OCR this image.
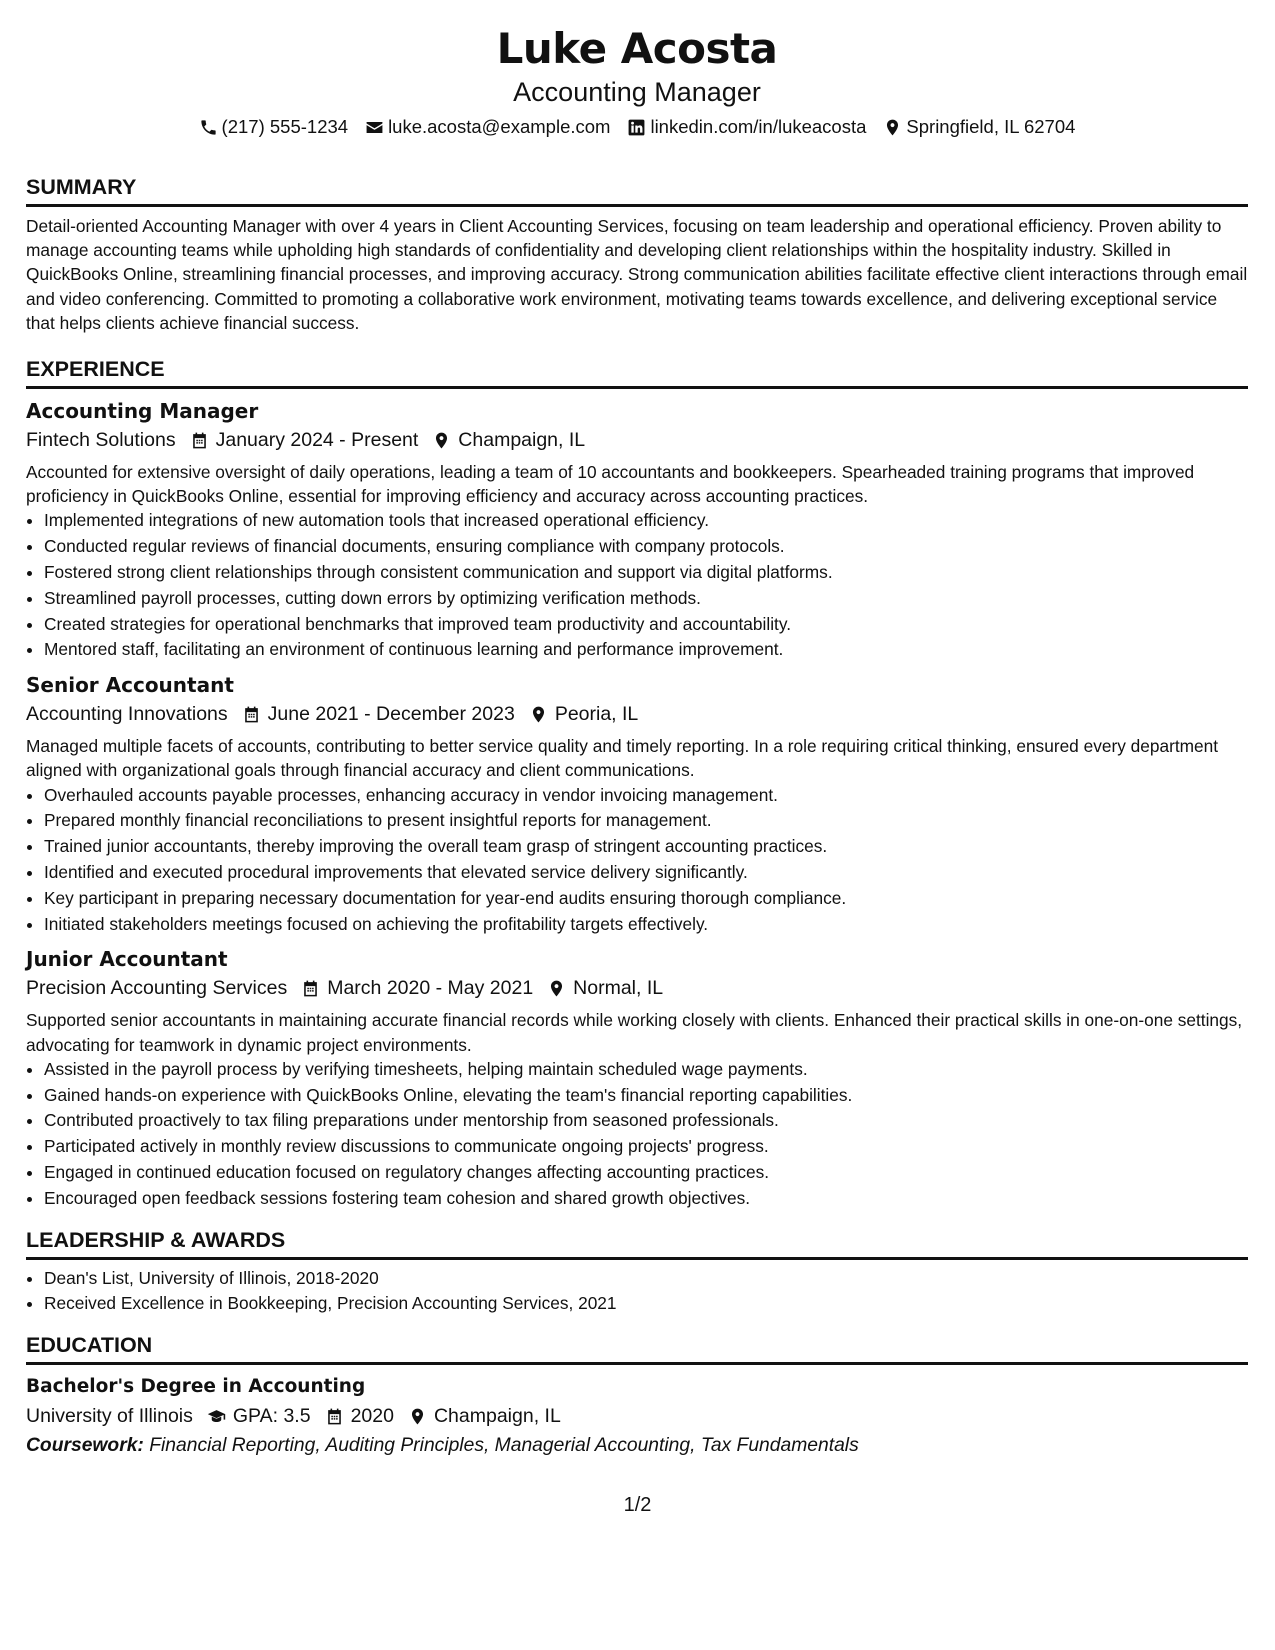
Luke Acosta
Accounting Manager
(217) 555-1234 luke.acosta@example.com linkedin.com/in/lukeacosta Springfield, IL 62704
SUMMARY
Detail-oriented Accounting Manager with over 4 years in Client Accounting Services, focusing on team leadership and operational efficiency. Proven ability to manage accounting teams while upholding high standards of confidentiality and developing client relationships within the hospitality industry. Skilled in QuickBooks Online, streamlining financial processes, and improving accuracy. Strong communication abilities facilitate effective client interactions through email and video conferencing. Committed to promoting a collaborative work environment, motivating teams towards excellence, and delivering exceptional service that helps clients achieve financial success.
EXPERIENCE
Accounting Manager
Fintech Solutions January 2024 - Present Champaign, IL
Accounted for extensive oversight of daily operations, leading a team of 10 accountants and bookkeepers. Spearheaded training programs that improved proficiency in QuickBooks Online, essential for improving efficiency and accuracy across accounting practices.
• Implemented integrations of new automation tools that increased operational efficiency.
• Conducted regular reviews of financial documents, ensuring compliance with company protocols.
• Fostered strong client relationships through consistent communication and support via digital platforms.
• Streamlined payroll processes, cutting down errors by optimizing verification methods.
• Created strategies for operational benchmarks that improved team productivity and accountability.
• Mentored staff, facilitating an environment of continuous learning and performance improvement.
Senior Accountant
Accounting Innovations June 2021 - December 2023 Peoria, IL
Managed multiple facets of accounts, contributing to better service quality and timely reporting. In a role requiring critical thinking, ensured every department aligned with organizational goals through financial accuracy and client communications.
• Overhauled accounts payable processes, enhancing accuracy in vendor invoicing management.
• Prepared monthly financial reconciliations to present insightful reports for management.
• Trained junior accountants, thereby improving the overall team grasp of stringent accounting practices.
• Identified and executed procedural improvements that elevated service delivery significantly.
• Key participant in preparing necessary documentation for year-end audits ensuring thorough compliance.
• Initiated stakeholders meetings focused on achieving the profitability targets effectively.
Junior Accountant
Precision Accounting Services March 2020 - May 2021 Normal, IL
Supported senior accountants in maintaining accurate financial records while working closely with clients. Enhanced their practical skills in one-on-one settings, advocating for teamwork in dynamic project environments.
• Assisted in the payroll process by verifying timesheets, helping maintain scheduled wage payments.
• Gained hands-on experience with QuickBooks Online, elevating the team's financial reporting capabilities.
• Contributed proactively to tax filing preparations under mentorship from seasoned professionals.
• Participated actively in monthly review discussions to communicate ongoing projects' progress.
• Engaged in continued education focused on regulatory changes affecting accounting practices.
• Encouraged open feedback sessions fostering team cohesion and shared growth objectives.
LEADERSHIP & AWARDS
• Dean's List, University of Illinois, 2018-2020
• Received Excellence in Bookkeeping, Precision Accounting Services, 2021
EDUCATION
Bachelor's Degree in Accounting
University of Illinois GPA: 3.5 2020 Champaign, IL
Coursework: Financial Reporting, Auditing Principles, Managerial Accounting, Tax Fundamentals
1/2
